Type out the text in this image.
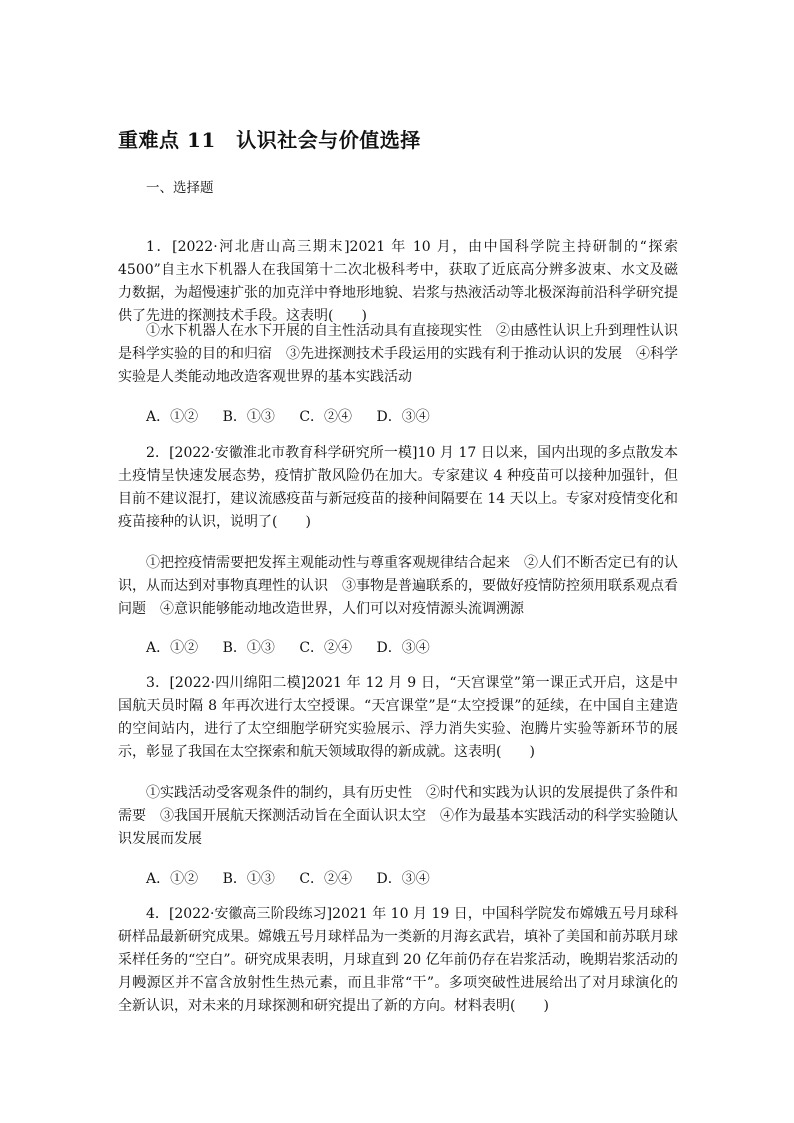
重难点 11　认识社会与价值选择
一、选择题

1．[2022·河北唐山高三期末]2021 年 10 月，由中国科学院主持研制的“探索 4500”自主水下机器人在我国第十二次北极科考中，获取了近底高分辨多波束、水文及磁力数据，为超慢速扩张的加克洋中脊地形地貌、岩浆与热液活动等北极深海前沿科学研究提供了先进的探测技术手段。这表明(　　)

①水下机器人在水下开展的自主性活动具有直接现实性　②由感性认识上升到理性认识是科学实验的目的和归宿　③先进探测技术手段运用的实践有利于推动认识的发展　④科学实验是人类能动地改造客观世界的基本实践活动

A．①② B．①③ C．②④ D．③④

2．[2022·安徽淮北市教育科学研究所一模]10 月 17 日以来，国内出现的多点散发本土疫情呈快速发展态势，疫情扩散风险仍在加大。专家建议 4 种疫苗可以接种加强针，但目前不建议混打，建议流感疫苗与新冠疫苗的接种间隔要在 14 天以上。专家对疫情变化和疫苗接种的认识，说明了(　　)

①把控疫情需要把发挥主观能动性与尊重客观规律结合起来　②人们不断否定已有的认识，从而达到对事物真理性的认识　③事物是普遍联系的，要做好疫情防控须用联系观点看问题　④意识能够能动地改造世界，人们可以对疫情源头流调溯源

A．①② B．①③ C．②④ D．③④

3．[2022·四川绵阳二模]2021 年 12 月 9 日，“天宫课堂”第一课正式开启，这是中国航天员时隔 8 年再次进行太空授课。“天宫课堂”是“太空授课”的延续，在中国自主建造的空间站内，进行了太空细胞学研究实验展示、浮力消失实验、泡腾片实验等新环节的展示，彰显了我国在太空探索和航天领域取得的新成就。这表明(　　)

①实践活动受客观条件的制约，具有历史性　②时代和实践为认识的发展提供了条件和需要　③我国开展航天探测活动旨在全面认识太空　④作为最基本实践活动的科学实验随认识发展而发展

A．①② B．①③ C．②④ D．③④

4．[2022·安徽高三阶段练习]2021 年 10 月 19 日，中国科学院发布嫦娥五号月球科研样品最新研究成果。嫦娥五号月球样品为一类新的月海玄武岩，填补了美国和前苏联月球采样任务的“空白”。研究成果表明，月球直到 20 亿年前仍存在岩浆活动，晚期岩浆活动的月幔源区并不富含放射性生热元素，而且非常“干”。多项突破性进展给出了对月球演化的全新认识，对未来的月球探测和研究提出了新的方向。材料表明(　　)
